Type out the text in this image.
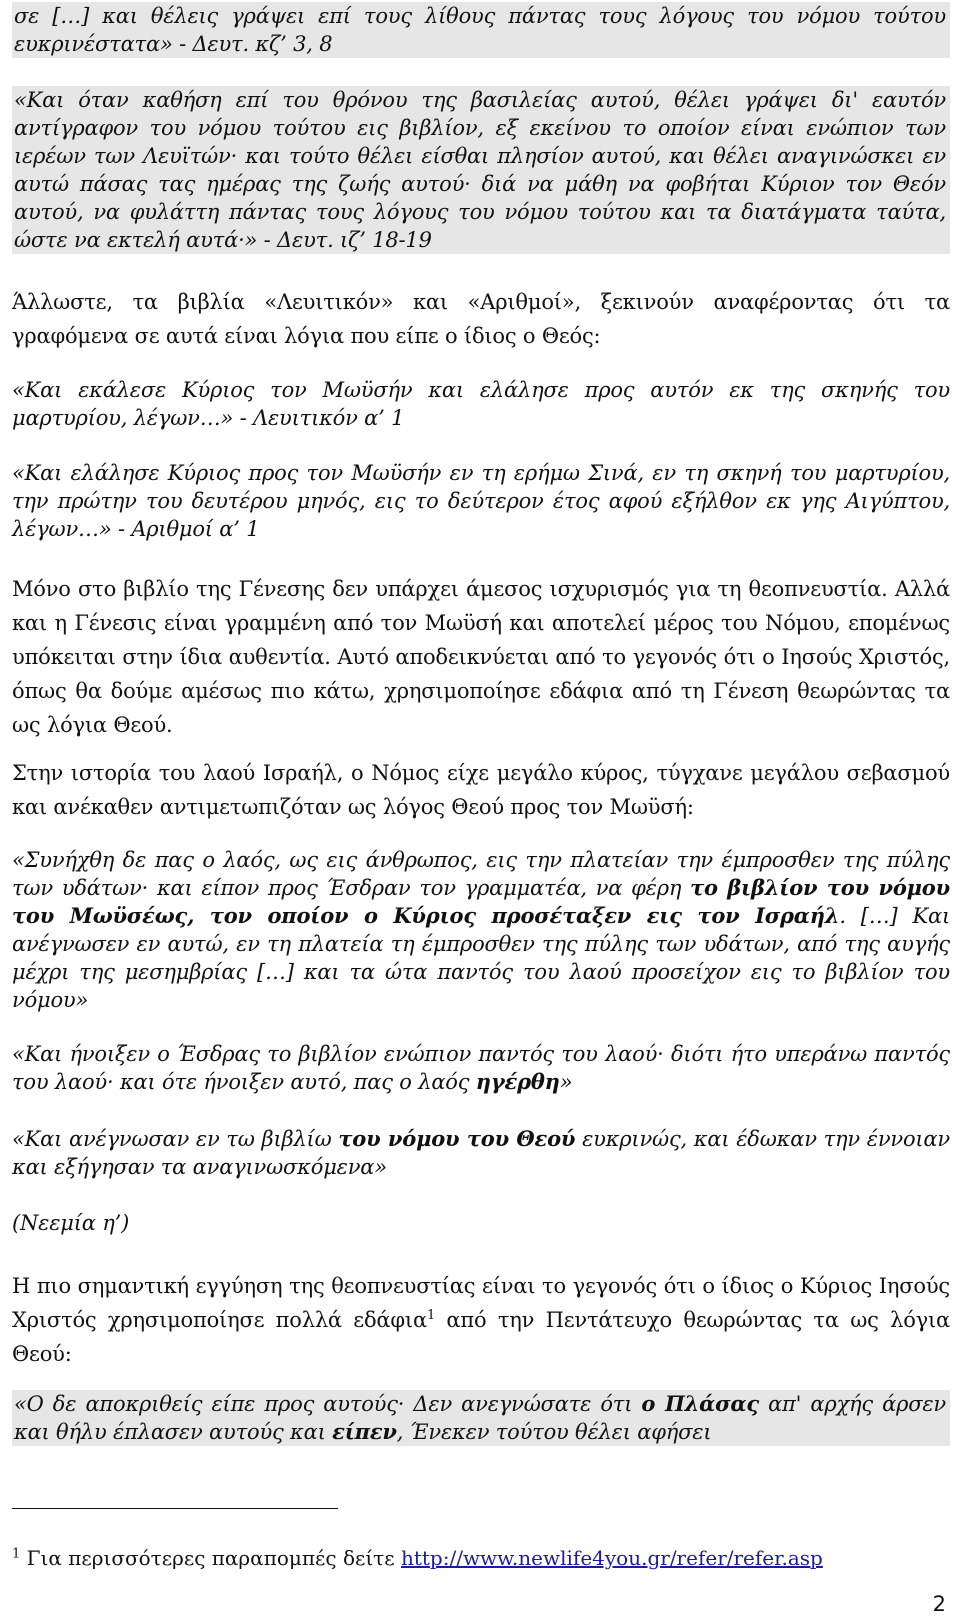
σε […] και θέλεις γράψει επί τους λίθους πάντας τους λόγους του νόμου τούτου ευκρινέστατα» - Δευτ. κζ’ 3, 8
«Και όταν καθήση επί του θρόνου της βασιλείας αυτού, θέλει γράψει δι' εαυτόν αντίγραφον του νόμου τούτου εις βιβλίον, εξ εκείνου το οποίον είναι ενώπιον των ιερέων των Λευϊτών· και τούτο θέλει είσθαι πλησίον αυτού, και θέλει αναγινώσκει εν αυτώ πάσας τας ημέρας της ζωής αυτού· διά να μάθη να φοβήται Κύριον τον Θεόν αυτού, να φυλάττη πάντας τους λόγους του νόμου τούτου και τα διατάγματα ταύτα, ώστε να εκτελή αυτά·» - Δευτ. ιζ’ 18-19
Άλλωστε, τα βιβλία «Λευιτικόν» και «Αριθμοί», ξεκινούν αναφέροντας ότι τα γραφόμενα σε αυτά είναι λόγια που είπε ο ίδιος ο Θεός:
«Και εκάλεσε Κύριος τον Μωϋσήν και ελάλησε προς αυτόν εκ της σκηνής του μαρτυρίου, λέγων…» - Λευιτικόν α’ 1
«Και ελάλησε Κύριος προς τον Μωϋσήν εν τη ερήμω Σινά, εν τη σκηνή του μαρτυρίου, την πρώτην του δευτέρου μηνός, εις το δεύτερον έτος αφού εξήλθον εκ γης Αιγύπτου, λέγων…» - Αριθμοί α’ 1
Μόνο στο βιβλίο της Γένεσης δεν υπάρχει άμεσος ισχυρισμός για τη θεοπνευστία. Αλλά και η Γένεσις είναι γραμμένη από τον Μωϋσή και αποτελεί μέρος του Νόμου, επομένως υπόκειται στην ίδια αυθεντία. Αυτό αποδεικνύεται από το γεγονός ότι ο Ιησούς Χριστός, όπως θα δούμε αμέσως πιο κάτω, χρησιμοποίησε εδάφια από τη Γένεση θεωρώντας τα ως λόγια Θεού.
Στην ιστορία του λαού Ισραήλ, ο Νόμος είχε μεγάλο κύρος, τύγχανε μεγάλου σεβασμού και ανέκαθεν αντιμετωπιζόταν ως λόγος Θεού προς τον Μωϋσή:
«Συνήχθη δε πας ο λαός, ως εις άνθρωπος, εις την πλατείαν την έμπροσθεν της πύλης των υδάτων· και είπον προς Έσδραν τον γραμματέα, να φέρη το βιβλίον του νόμου του Μωϋσέως, τον οποίον ο Κύριος προσέταξεν εις τον Ισραήλ. […] Και ανέγνωσεν εν αυτώ, εν τη πλατεία τη έμπροσθεν της πύλης των υδάτων, από της αυγής μέχρι της μεσημβρίας […] και τα ώτα παντός του λαού προσείχον εις το βιβλίον του νόμου»
«Και ήνοιξεν ο Έσδρας το βιβλίον ενώπιον παντός του λαού· διότι ήτο υπεράνω παντός του λαού· και ότε ήνοιξεν αυτό, πας ο λαός ηγέρθη»
«Και ανέγνωσαν εν τω βιβλίω του νόμου του Θεού ευκρινώς, και έδωκαν την έννοιαν και εξήγησαν τα αναγινωσκόμενα»
(Νεεμία η’)
Η πιο σημαντική εγγύηση της θεοπνευστίας είναι το γεγονός ότι ο ίδιος ο Κύριος Ιησούς Χριστός χρησιμοποίησε πολλά εδάφια$^1$ από την Πεντάτευχο θεωρώντας τα ως λόγια Θεού:
«Ο δε αποκριθείς είπε προς αυτούς· Δεν ανεγνώσατε ότι ο Πλάσας απ' αρχής άρσεν και θήλυ έπλασεν αυτούς και είπεν, Ένεκεν τούτου θέλει αφήσει
$^1$ Για περισσότερες παραπομπές δείτε http://www.newlife4you.gr/refer/refer.asp
2
